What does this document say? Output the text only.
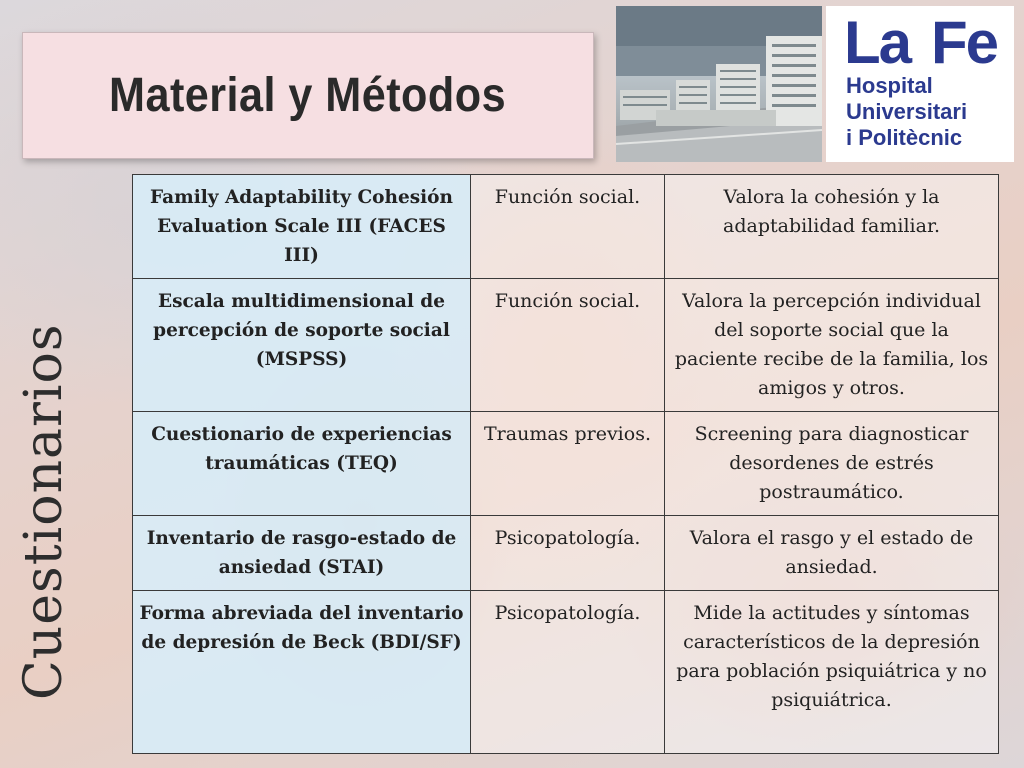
Material y Métodos
La Fe
Hospital
Universitari
i Politècnic
Cuestionarios
Family Adaptability Cohesión Evaluation Scale III (FACES III)	Función social.	Valora la cohesión y la adaptabilidad familiar.
Escala multidimensional de percepción de soporte social (MSPSS)	Función social.	Valora la percepción individual del soporte social que la paciente recibe de la familia, los amigos y otros.
Cuestionario de experiencias traumáticas (TEQ)	Traumas previos.	Screening para diagnosticar desordenes de estrés postraumático.
Inventario de rasgo-estado de ansiedad (STAI)	Psicopatología.	Valora el rasgo y el estado de ansiedad.
Forma abreviada del inventario de depresión de Beck (BDI/SF)	Psicopatología.	Mide la actitudes y síntomas característicos de la depresión para población psiquiátrica y no psiquiátrica.
